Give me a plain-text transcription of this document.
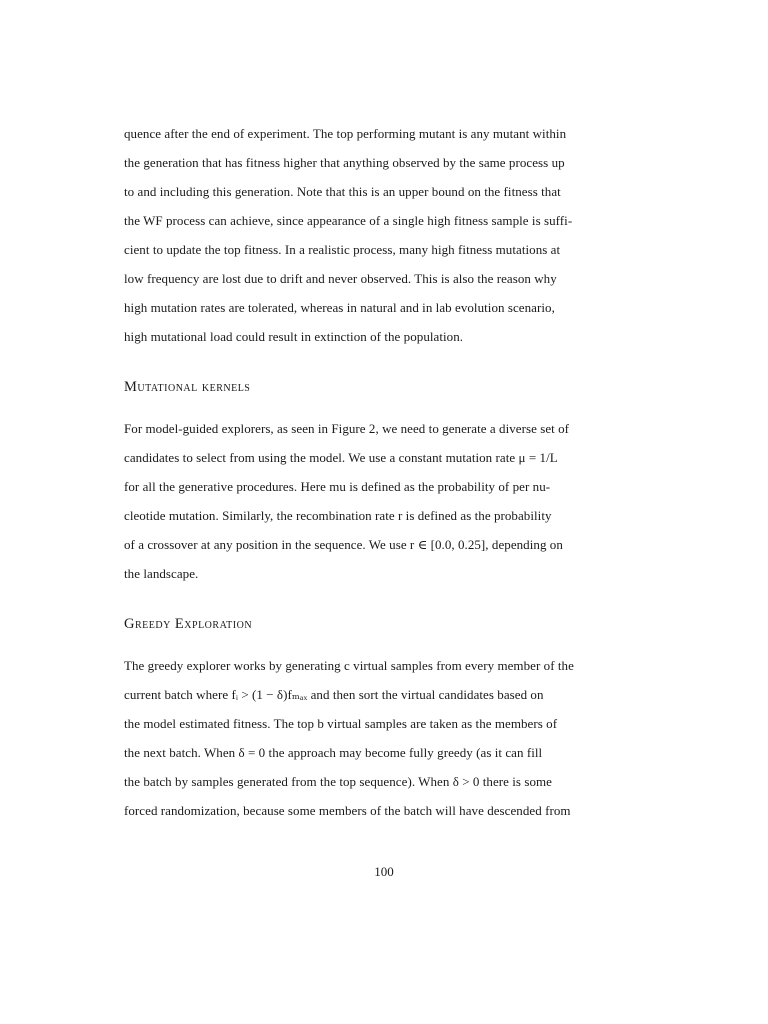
quence after the end of experiment. The top performing mutant is any mutant within
the generation that has fitness higher that anything observed by the same process up
to and including this generation. Note that this is an upper bound on the fitness that
the WF process can achieve, since appearance of a single high fitness sample is suffi-
cient to update the top fitness. In a realistic process, many high fitness mutations at
low frequency are lost due to drift and never observed. This is also the reason why
high mutation rates are tolerated, whereas in natural and in lab evolution scenario,
high mutational load could result in extinction of the population.
Mutational kernels
For model-guided explorers, as seen in Figure 2, we need to generate a diverse set of
candidates to select from using the model. We use a constant mutation rate μ = 1/L
for all the generative procedures. Here mu is defined as the probability of per nu-
cleotide mutation. Similarly, the recombination rate r is defined as the probability
of a crossover at any position in the sequence. We use r ∈ [0.0, 0.25], depending on
the landscape.
Greedy Exploration
The greedy explorer works by generating c virtual samples from every member of the
current batch where fᵢ > (1 − δ)fₘₐₓ and then sort the virtual candidates based on
the model estimated fitness. The top b virtual samples are taken as the members of
the next batch. When δ = 0 the approach may become fully greedy (as it can fill
the batch by samples generated from the top sequence). When δ > 0 there is some
forced randomization, because some members of the batch will have descended from
100
